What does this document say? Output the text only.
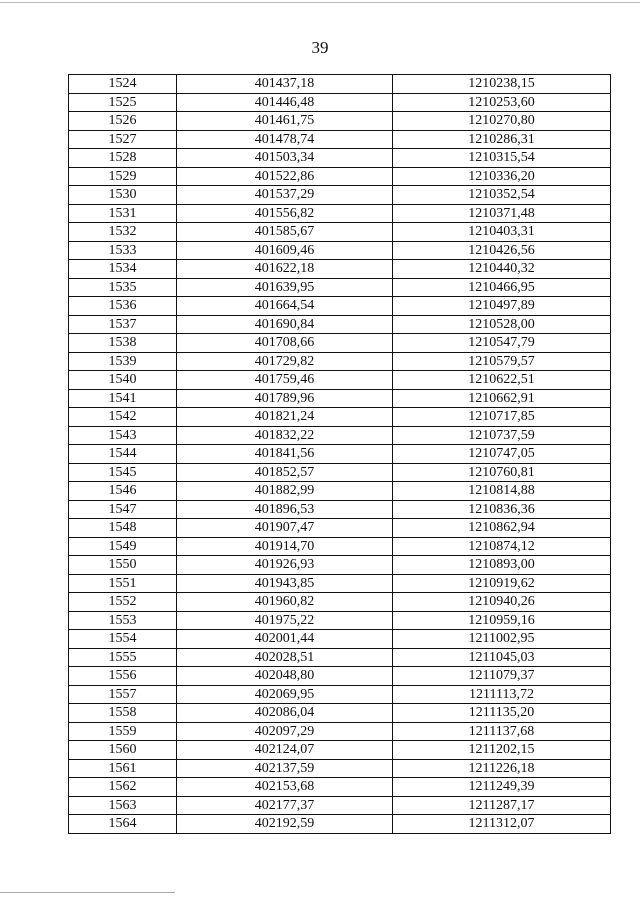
39
1524	401437,18	1210238,15
1525	401446,48	1210253,60
1526	401461,75	1210270,80
1527	401478,74	1210286,31
1528	401503,34	1210315,54
1529	401522,86	1210336,20
1530	401537,29	1210352,54
1531	401556,82	1210371,48
1532	401585,67	1210403,31
1533	401609,46	1210426,56
1534	401622,18	1210440,32
1535	401639,95	1210466,95
1536	401664,54	1210497,89
1537	401690,84	1210528,00
1538	401708,66	1210547,79
1539	401729,82	1210579,57
1540	401759,46	1210622,51
1541	401789,96	1210662,91
1542	401821,24	1210717,85
1543	401832,22	1210737,59
1544	401841,56	1210747,05
1545	401852,57	1210760,81
1546	401882,99	1210814,88
1547	401896,53	1210836,36
1548	401907,47	1210862,94
1549	401914,70	1210874,12
1550	401926,93	1210893,00
1551	401943,85	1210919,62
1552	401960,82	1210940,26
1553	401975,22	1210959,16
1554	402001,44	1211002,95
1555	402028,51	1211045,03
1556	402048,80	1211079,37
1557	402069,95	1211113,72
1558	402086,04	1211135,20
1559	402097,29	1211137,68
1560	402124,07	1211202,15
1561	402137,59	1211226,18
1562	402153,68	1211249,39
1563	402177,37	1211287,17
1564	402192,59	1211312,07
